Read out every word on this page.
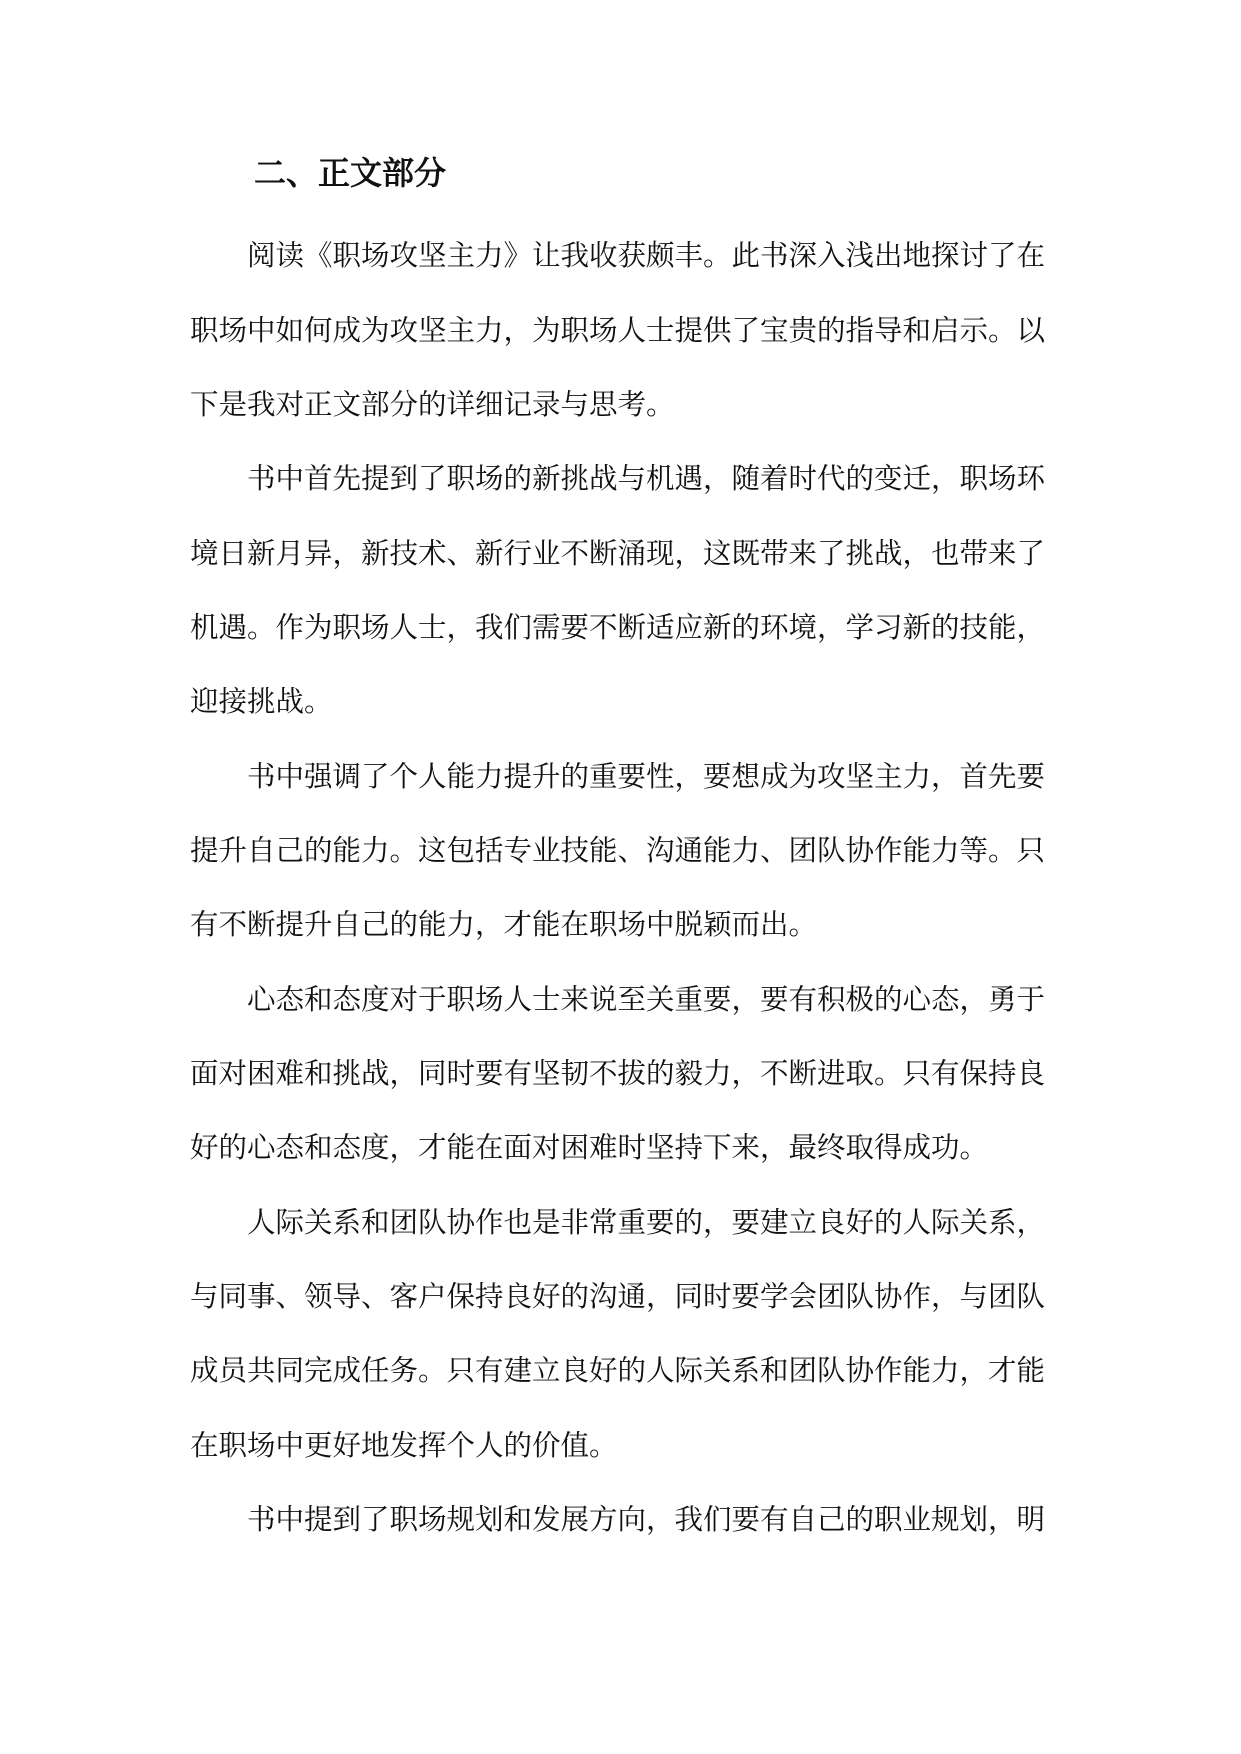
二、正文部分

阅读《职场攻坚主力》让我收获颇丰。此书深入浅出地探讨了在

职场中如何成为攻坚主力，为职场人士提供了宝贵的指导和启示。以

下是我对正文部分的详细记录与思考。

书中首先提到了职场的新挑战与机遇，随着时代的变迁，职场环

境日新月异，新技术、新行业不断涌现，这既带来了挑战，也带来了

机遇。作为职场人士，我们需要不断适应新的环境，学习新的技能，

迎接挑战。

书中强调了个人能力提升的重要性，要想成为攻坚主力，首先要

提升自己的能力。这包括专业技能、沟通能力、团队协作能力等。只

有不断提升自己的能力，才能在职场中脱颖而出。

心态和态度对于职场人士来说至关重要，要有积极的心态，勇于

面对困难和挑战，同时要有坚韧不拔的毅力，不断进取。只有保持良

好的心态和态度，才能在面对困难时坚持下来，最终取得成功。

人际关系和团队协作也是非常重要的，要建立良好的人际关系，

与同事、领导、客户保持良好的沟通，同时要学会团队协作，与团队

成员共同完成任务。只有建立良好的人际关系和团队协作能力，才能

在职场中更好地发挥个人的价值。

书中提到了职场规划和发展方向，我们要有自己的职业规划，明
